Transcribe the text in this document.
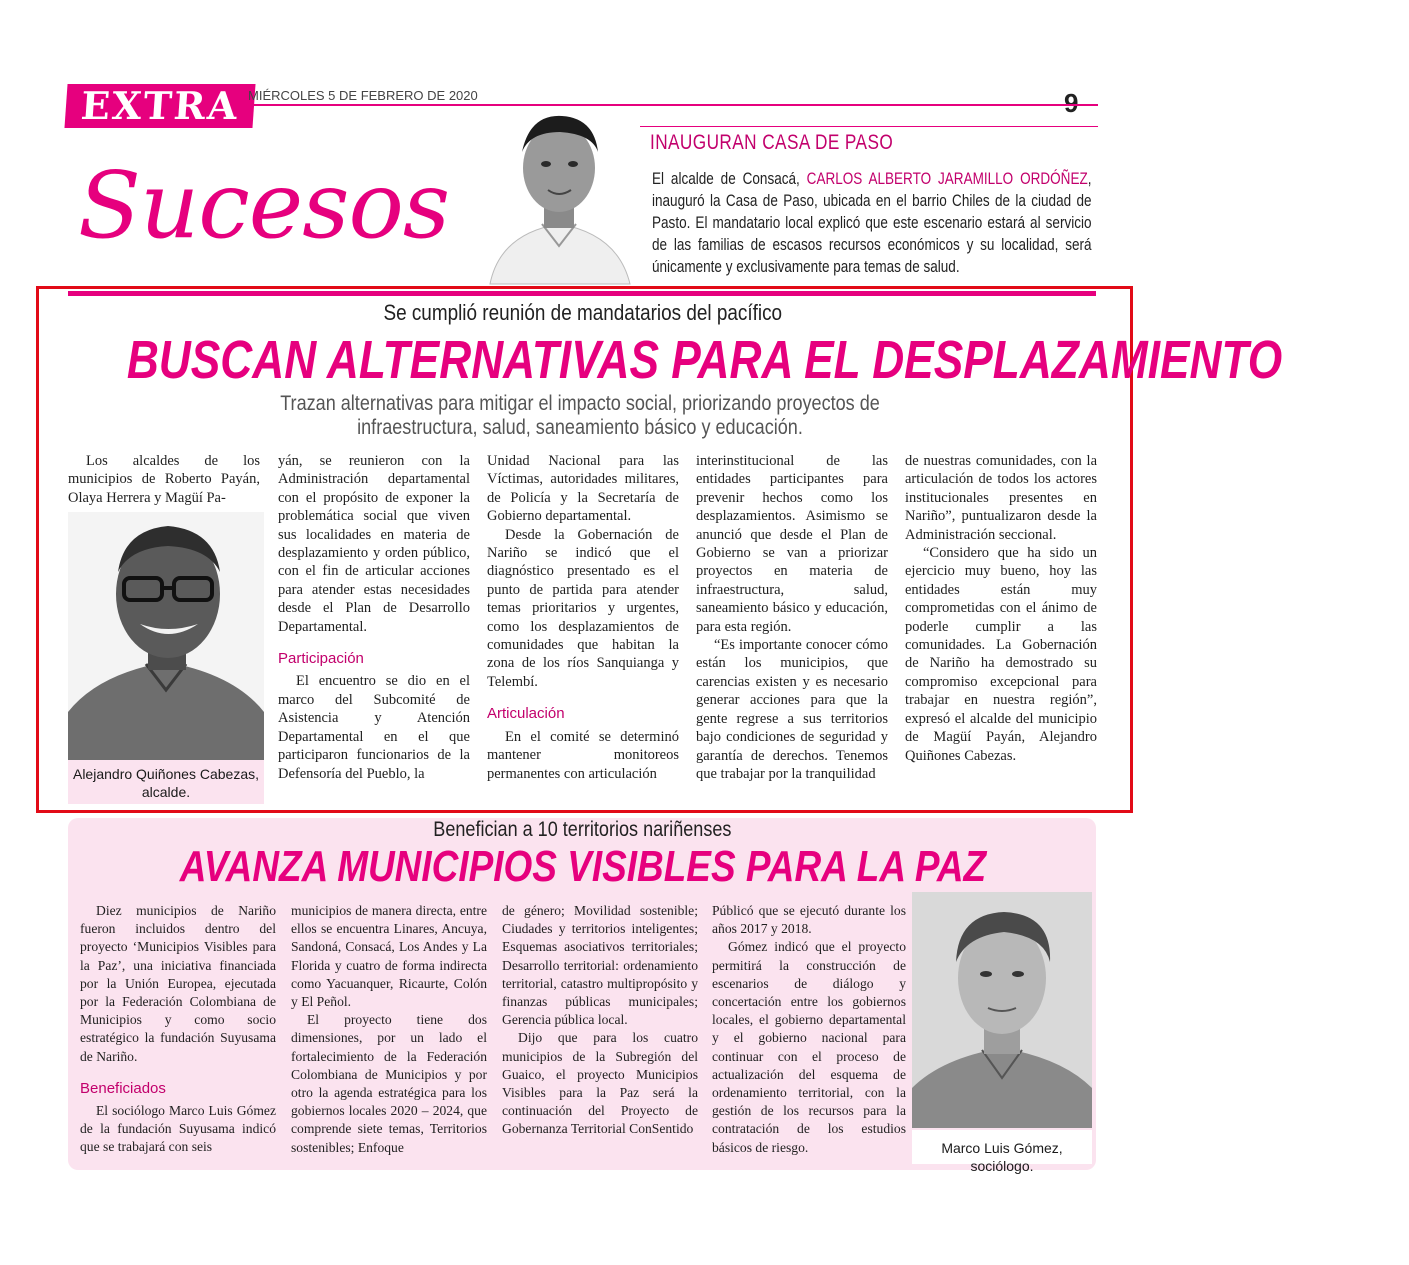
EXTRA MIÉRCOLES 5 DE FEBRERO DE 2020	9
Sucesos
INAUGURAN CASA DE PASO
El alcalde de Consacá, CARLOS ALBERTO JARAMILLO ORDÓÑEZ, inauguró la Casa de Paso, ubicada en el barrio Chiles de la ciudad de Pasto. El mandatario local explicó que este escenario estará al servicio de las familias de escasos recursos económicos y su localidad, será únicamente y exclusivamente para temas de salud.
Se cumplió reunión de mandatarios del pacífico
BUSCAN ALTERNATIVAS PARA EL DESPLAZAMIENTO
Trazan alternativas para mitigar el impacto social, priorizando proyectos de infraestructura, salud, saneamiento básico y educación.

Los alcaldes de los municipios de Roberto Payán, Olaya Herrera y Magüí Pa-

Alejandro Quiñones Cabezas,
alcalde.

yán, se reunieron con la Administración departamental con el propósito de exponer la problemática social que viven sus localidades en materia de desplazamiento y orden público, con el fin de articular acciones para atender estas necesidades desde el Plan de Desarrollo Departamental.

Participación

El encuentro se dio en el marco del Subcomité de Asistencia y Atención Departamental en el que participaron funcionarios de la Defensoría del Pueblo, la

Unidad Nacional para las Víctimas, autoridades militares, de Policía y la Secretaría de Gobierno departamental.

Desde la Gobernación de Nariño se indicó que el diagnóstico presentado es el punto de partida para atender temas prioritarios y urgentes, como los desplazamientos de comunidades que habitan la zona de los ríos Sanquianga y Telembí.

Articulación

En el comité se determinó mantener monitoreos permanentes con articulación

interinstitucional de las entidades participantes para prevenir hechos como los desplazamientos. Asimismo se anunció que desde el Plan de Gobierno se van a priorizar proyectos en materia de infraestructura, salud, saneamiento básico y educación, para esta región.

“Es importante conocer cómo están los municipios, que carencias existen y es necesario generar acciones para que la gente regrese a sus territorios bajo condiciones de seguridad y garantía de derechos. Tenemos que trabajar por la tranquilidad

de nuestras comunidades, con la articulación de todos los actores institucionales presentes en Nariño”, puntualizaron desde la Administración seccional.

“Considero que ha sido un ejercicio muy bueno, hoy las entidades están muy comprometidas con el ánimo de poderle cumplir a las comunidades. La Gobernación de Nariño ha demostrado su compromiso excepcional para trabajar en nuestra región”, expresó el alcalde del municipio de Magüí Payán, Alejandro Quiñones Cabezas.

Benefician a 10 territorios nariñenses
AVANZA MUNICIPIOS VISIBLES PARA LA PAZ

Diez municipios de Nariño fueron incluidos dentro del proyecto ‘Municipios Visibles para la Paz’, una iniciativa financiada por la Unión Europea, ejecutada por la Federación Colombiana de Municipios y como socio estratégico la fundación Suyusama de Nariño.

Beneficiados

El sociólogo Marco Luis Gómez de la fundación Suyusama indicó que se trabajará con seis

municipios de manera directa, entre ellos se encuentra Linares, Ancuya, Sandoná, Consacá, Los Andes y La Florida y cuatro de forma indirecta como Yacuanquer, Ricaurte, Colón y El Peñol.

El proyecto tiene dos dimensiones, por un lado el fortalecimiento de la Federación Colombiana de Municipios y por otro la agenda estratégica para los gobiernos locales 2020 – 2024, que comprende siete temas, Territorios sostenibles; Enfoque

de género; Movilidad sostenible; Ciudades y territorios inteligentes; Esquemas asociativos territoriales; Desarrollo territorial: ordenamiento territorial, catastro multipropósito y finanzas públicas municipales; Gerencia pública local.

Dijo que para los cuatro municipios de la Subregión del Guaico, el proyecto Municipios Visibles para la Paz será la continuación del Proyecto de Gobernanza Territorial ConSentido

Públicó que se ejecutó durante los años 2017 y 2018.

Gómez indicó que el proyecto permitirá la construcción de escenarios de diálogo y concertación entre los gobiernos locales, el gobierno departamental y el gobierno nacional para continuar con el proceso de actualización del esquema de ordenamiento territorial, con la gestión de los recursos para la contratación de los estudios básicos de riesgo.	Marco Luis Gómez, sociólogo.
